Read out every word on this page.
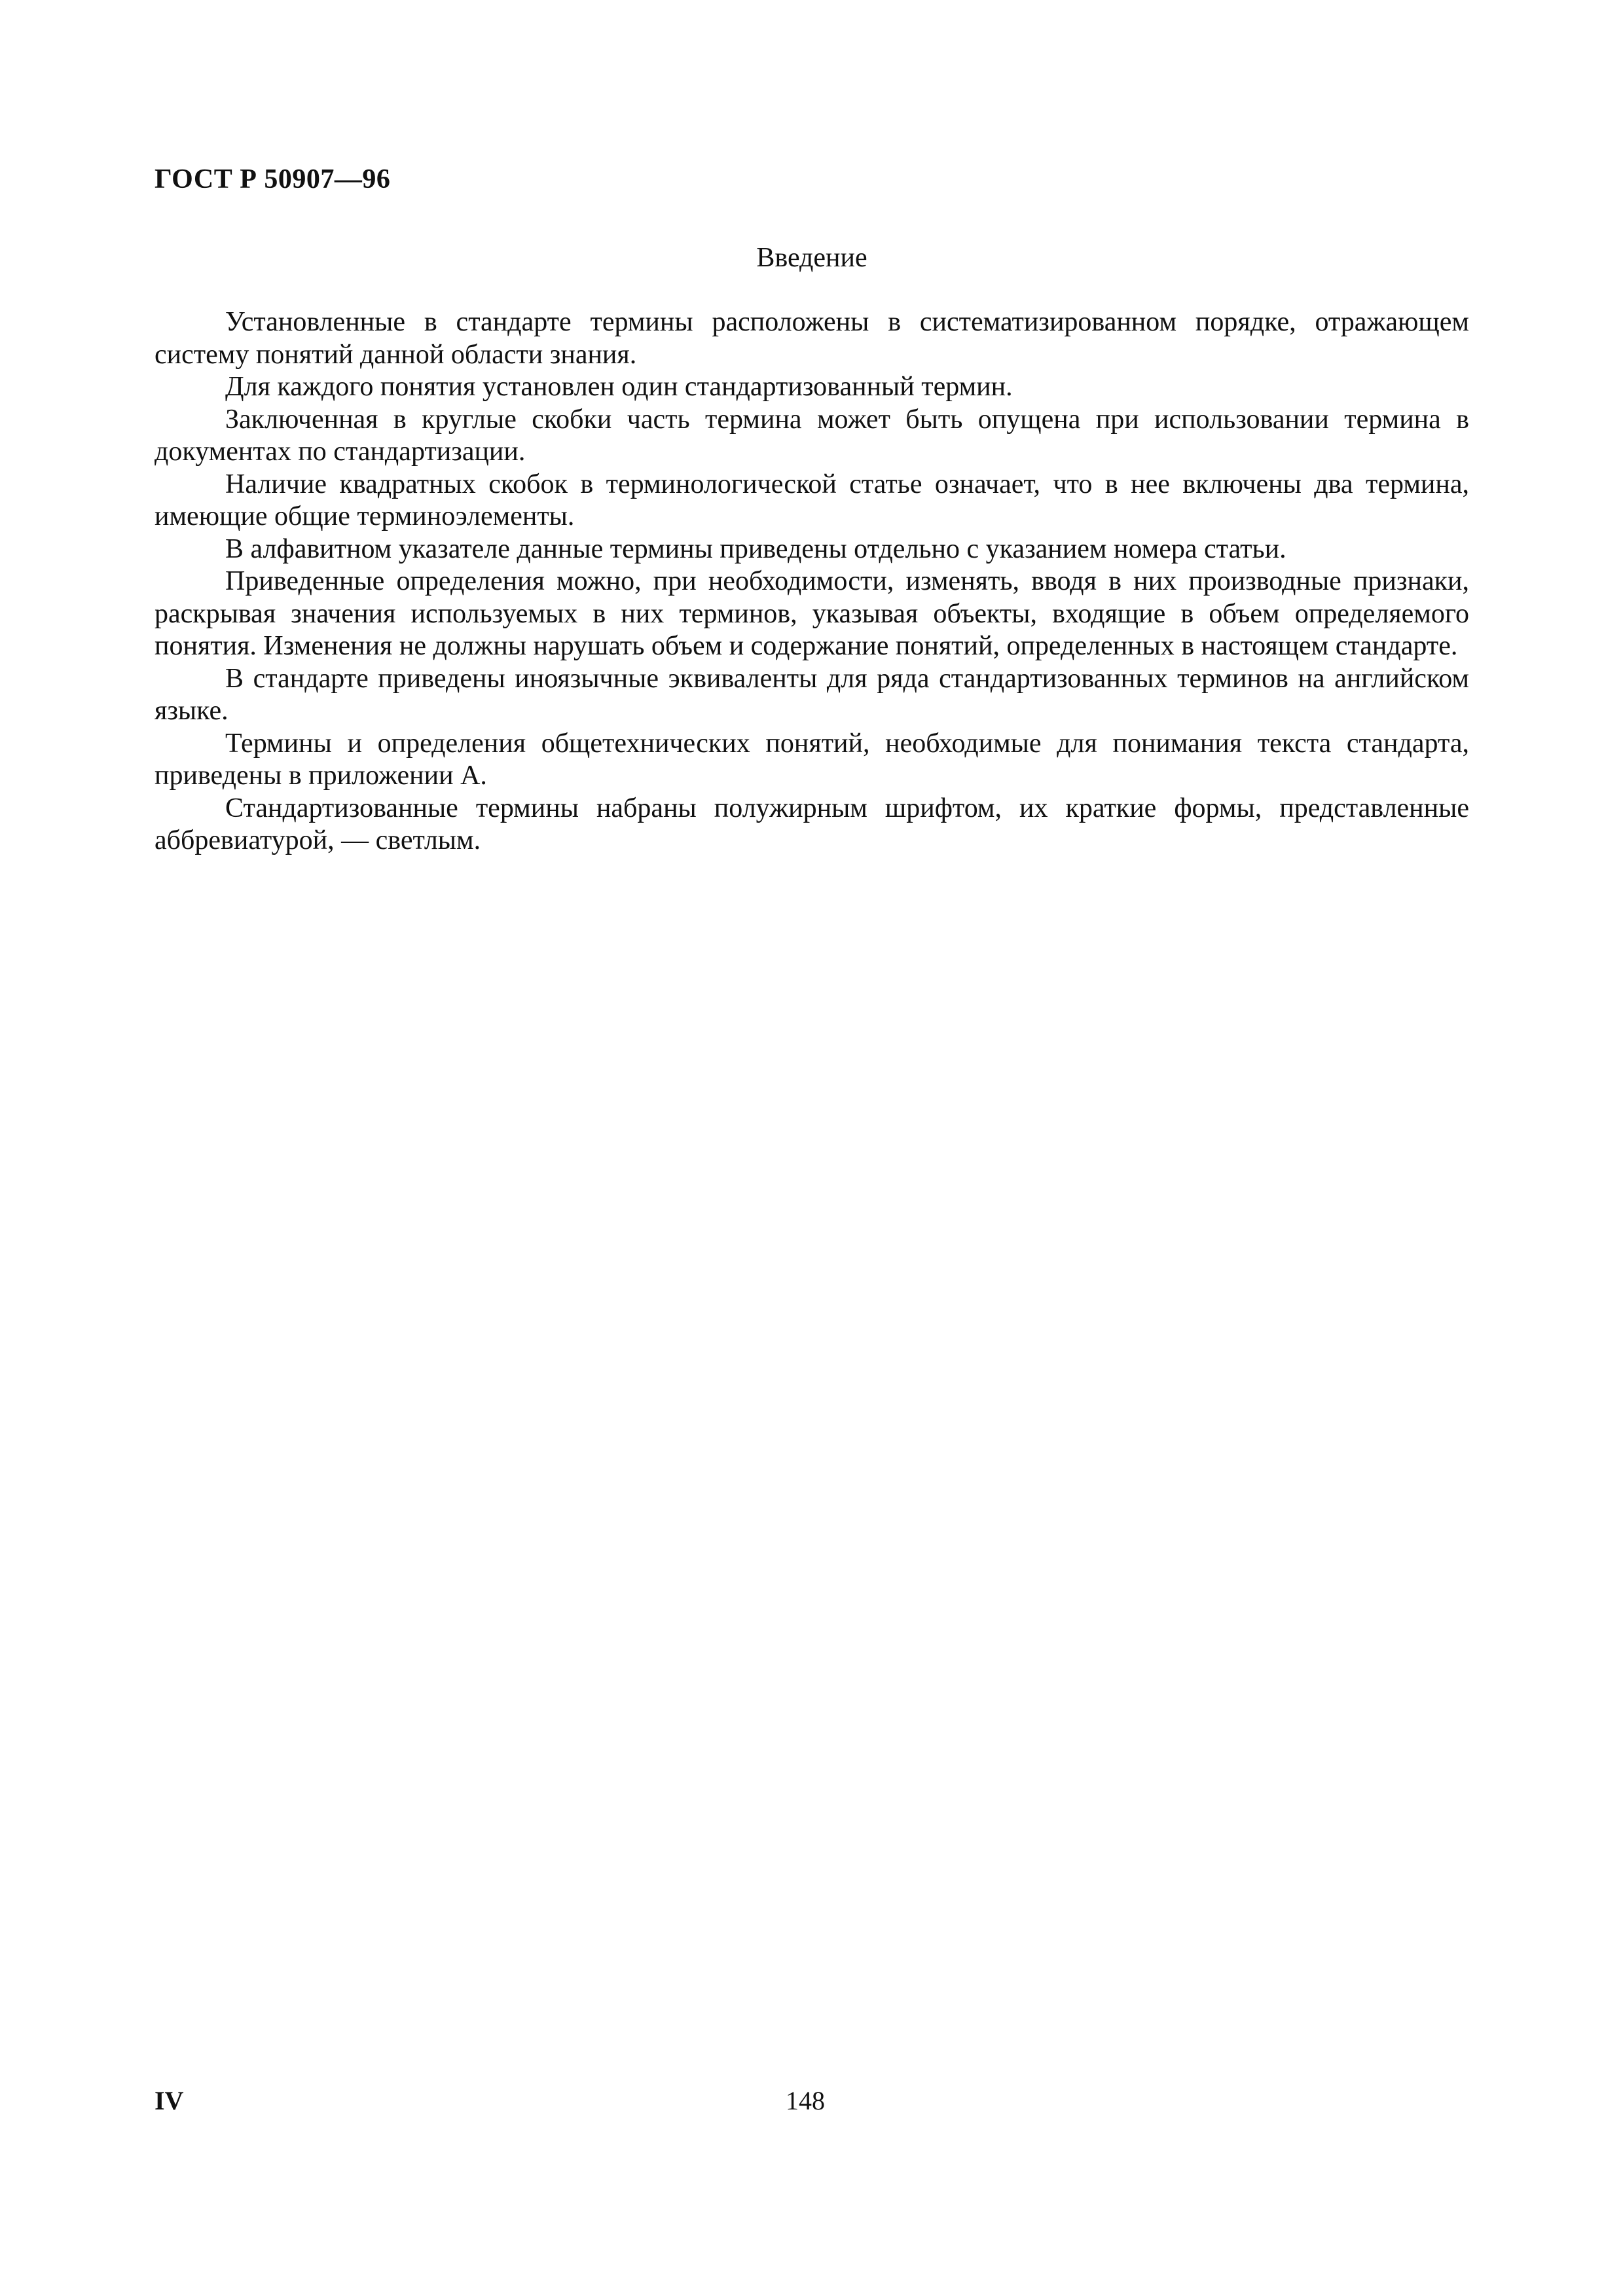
ГОСТ Р 50907—96
Введение

Установленные в стандарте термины расположены в систематизированном порядке, отражающем систему понятий данной области знания.

Для каждого понятия установлен один стандартизованный термин.

Заключенная в круглые скобки часть термина может быть опущена при использовании термина в документах по стандартизации.

Наличие квадратных скобок в терминологической статье означает, что в нее включены два термина, имеющие общие терминоэлементы.

В алфавитном указателе данные термины приведены отдельно с указанием номера статьи.

Приведенные определения можно, при необходимости, изменять, вводя в них производные признаки, раскрывая значения используемых в них терминов, указывая объекты, входящие в объем определяемого понятия. Изменения не должны нарушать объем и содержание понятий, определенных в настоящем стандарте.

В стандарте приведены иноязычные эквиваленты для ряда стандартизованных терминов на английском языке.

Термины и определения общетехнических понятий, необходимые для понимания текста стандарта, приведены в приложении А.

Стандартизованные термины набраны полужирным шрифтом, их краткие формы, представленные аббревиатурой, — светлым.

IV	148
